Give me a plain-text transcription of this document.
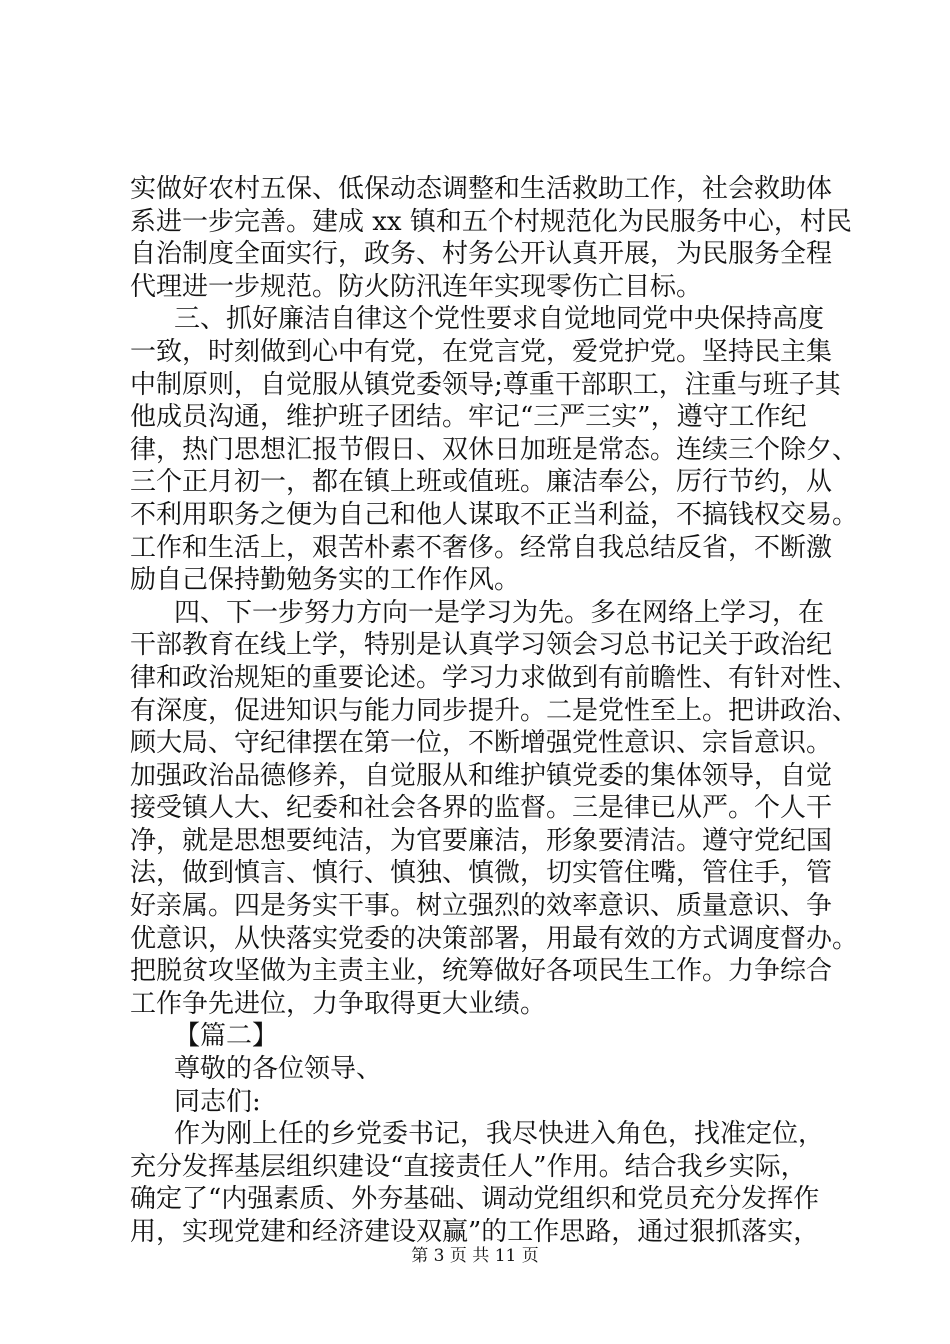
实做好农村五保、低保动态调整和生活救助工作，社会救助体
系进一步完善。建成 xx 镇和五个村规范化为民服务中心，村民
自治制度全面实行，政务、村务公开认真开展，为民服务全程
代理进一步规范。防火防汛连年实现零伤亡目标。
三、抓好廉洁自律这个党性要求自觉地同党中央保持高度
一致，时刻做到心中有党，在党言党，爱党护党。坚持民主集
中制原则，自觉服从镇党委领导;尊重干部职工，注重与班子其
他成员沟通，维护班子团结。牢记“三严三实”，遵守工作纪
律，热门思想汇报节假日、双休日加班是常态。连续三个除夕、
三个正月初一，都在镇上班或值班。廉洁奉公，厉行节约，从
不利用职务之便为自己和他人谋取不正当利益，不搞钱权交易。
工作和生活上，艰苦朴素不奢侈。经常自我总结反省，不断激
励自己保持勤勉务实的工作作风。
四、下一步努力方向一是学习为先。多在网络上学习，在
干部教育在线上学，特别是认真学习领会习总书记关于政治纪
律和政治规矩的重要论述。学习力求做到有前瞻性、有针对性、
有深度，促进知识与能力同步提升。二是党性至上。把讲政治、
顾大局、守纪律摆在第一位，不断增强党性意识、宗旨意识。
加强政治品德修养，自觉服从和维护镇党委的集体领导，自觉
接受镇人大、纪委和社会各界的监督。三是律已从严。个人干
净，就是思想要纯洁，为官要廉洁，形象要清洁。遵守党纪国
法，做到慎言、慎行、慎独、慎微，切实管住嘴，管住手，管
好亲属。四是务实干事。树立强烈的效率意识、质量意识、争
优意识，从快落实党委的决策部署，用最有效的方式调度督办。
把脱贫攻坚做为主责主业，统筹做好各项民生工作。力争综合
工作争先进位，力争取得更大业绩。
【篇二】
尊敬的各位领导、
同志们:
作为刚上任的乡党委书记，我尽快进入角色，找准定位，
充分发挥基层组织建设“直接责任人”作用。结合我乡实际，
确定了“内强素质、外夯基础、调动党组织和党员充分发挥作
用，实现党建和经济建设双赢”的工作思路，通过狠抓落实，
第 3 页 共 11 页
